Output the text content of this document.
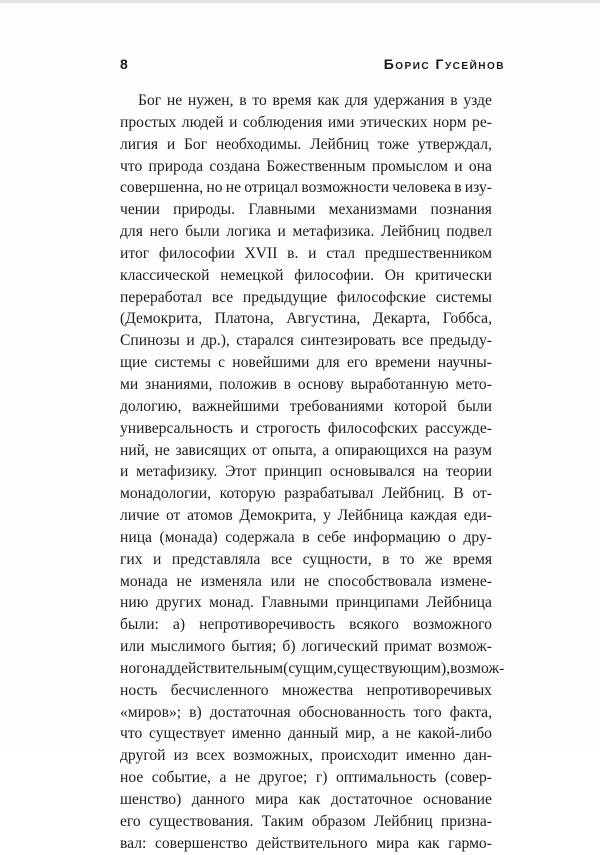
8	Борис Гусейнов
Бог не нужен, в то время как для удержания в узде
простых людей и соблюдения ими этических норм ре-
лигия и Бог необходимы. Лейбниц тоже утверждал,
что природа создана Божественным промыслом и она
совершенна, но не отрицал возможности человека в изу-
чении природы. Главными механизмами познания
для него были логика и метафизика. Лейбниц подвел
итог философии XVII в. и стал предшественником
классической немецкой философии. Он критически
переработал все предыдущие философские системы
(Демокрита, Платона, Августина, Декарта, Гоббса,
Спинозы и др.), старался синтезировать все предыду-
щие системы с новейшими для его времени научны-
ми знаниями, положив в основу выработанную мето-
дологию, важнейшими требованиями которой были
универсальность и строгость философских рассужде-
ний, не зависящих от опыта, а опирающихся на разум
и метафизику. Этот принцип основывался на теории
монадологии, которую разрабатывал Лейбниц. В от-
личие от атомов Демокрита, у Лейбница каждая еди-
ница (монада) содержала в себе информацию о дру-
гих и представляла все сущности, в то же время
монада не изменяла или не способствовала измене-
нию других монад. Главными принципами Лейбница
были: а) непротиворечивость всякого возможного
или мыслимого бытия; б) логический примат возмож-
ного над действительным (сущим, существующим), возмож-
ность бесчисленного множества непротиворечивых
«миров»; в) достаточная обоснованность того факта,
что существует именно данный мир, а не какой-либо
другой из всех возможных, происходит именно дан-
ное событие, а не другое; г) оптимальность (совер-
шенство) данного мира как достаточное основание
его существования. Таким образом Лейбниц призна-
вал: совершенство действительного мира как гармо-
